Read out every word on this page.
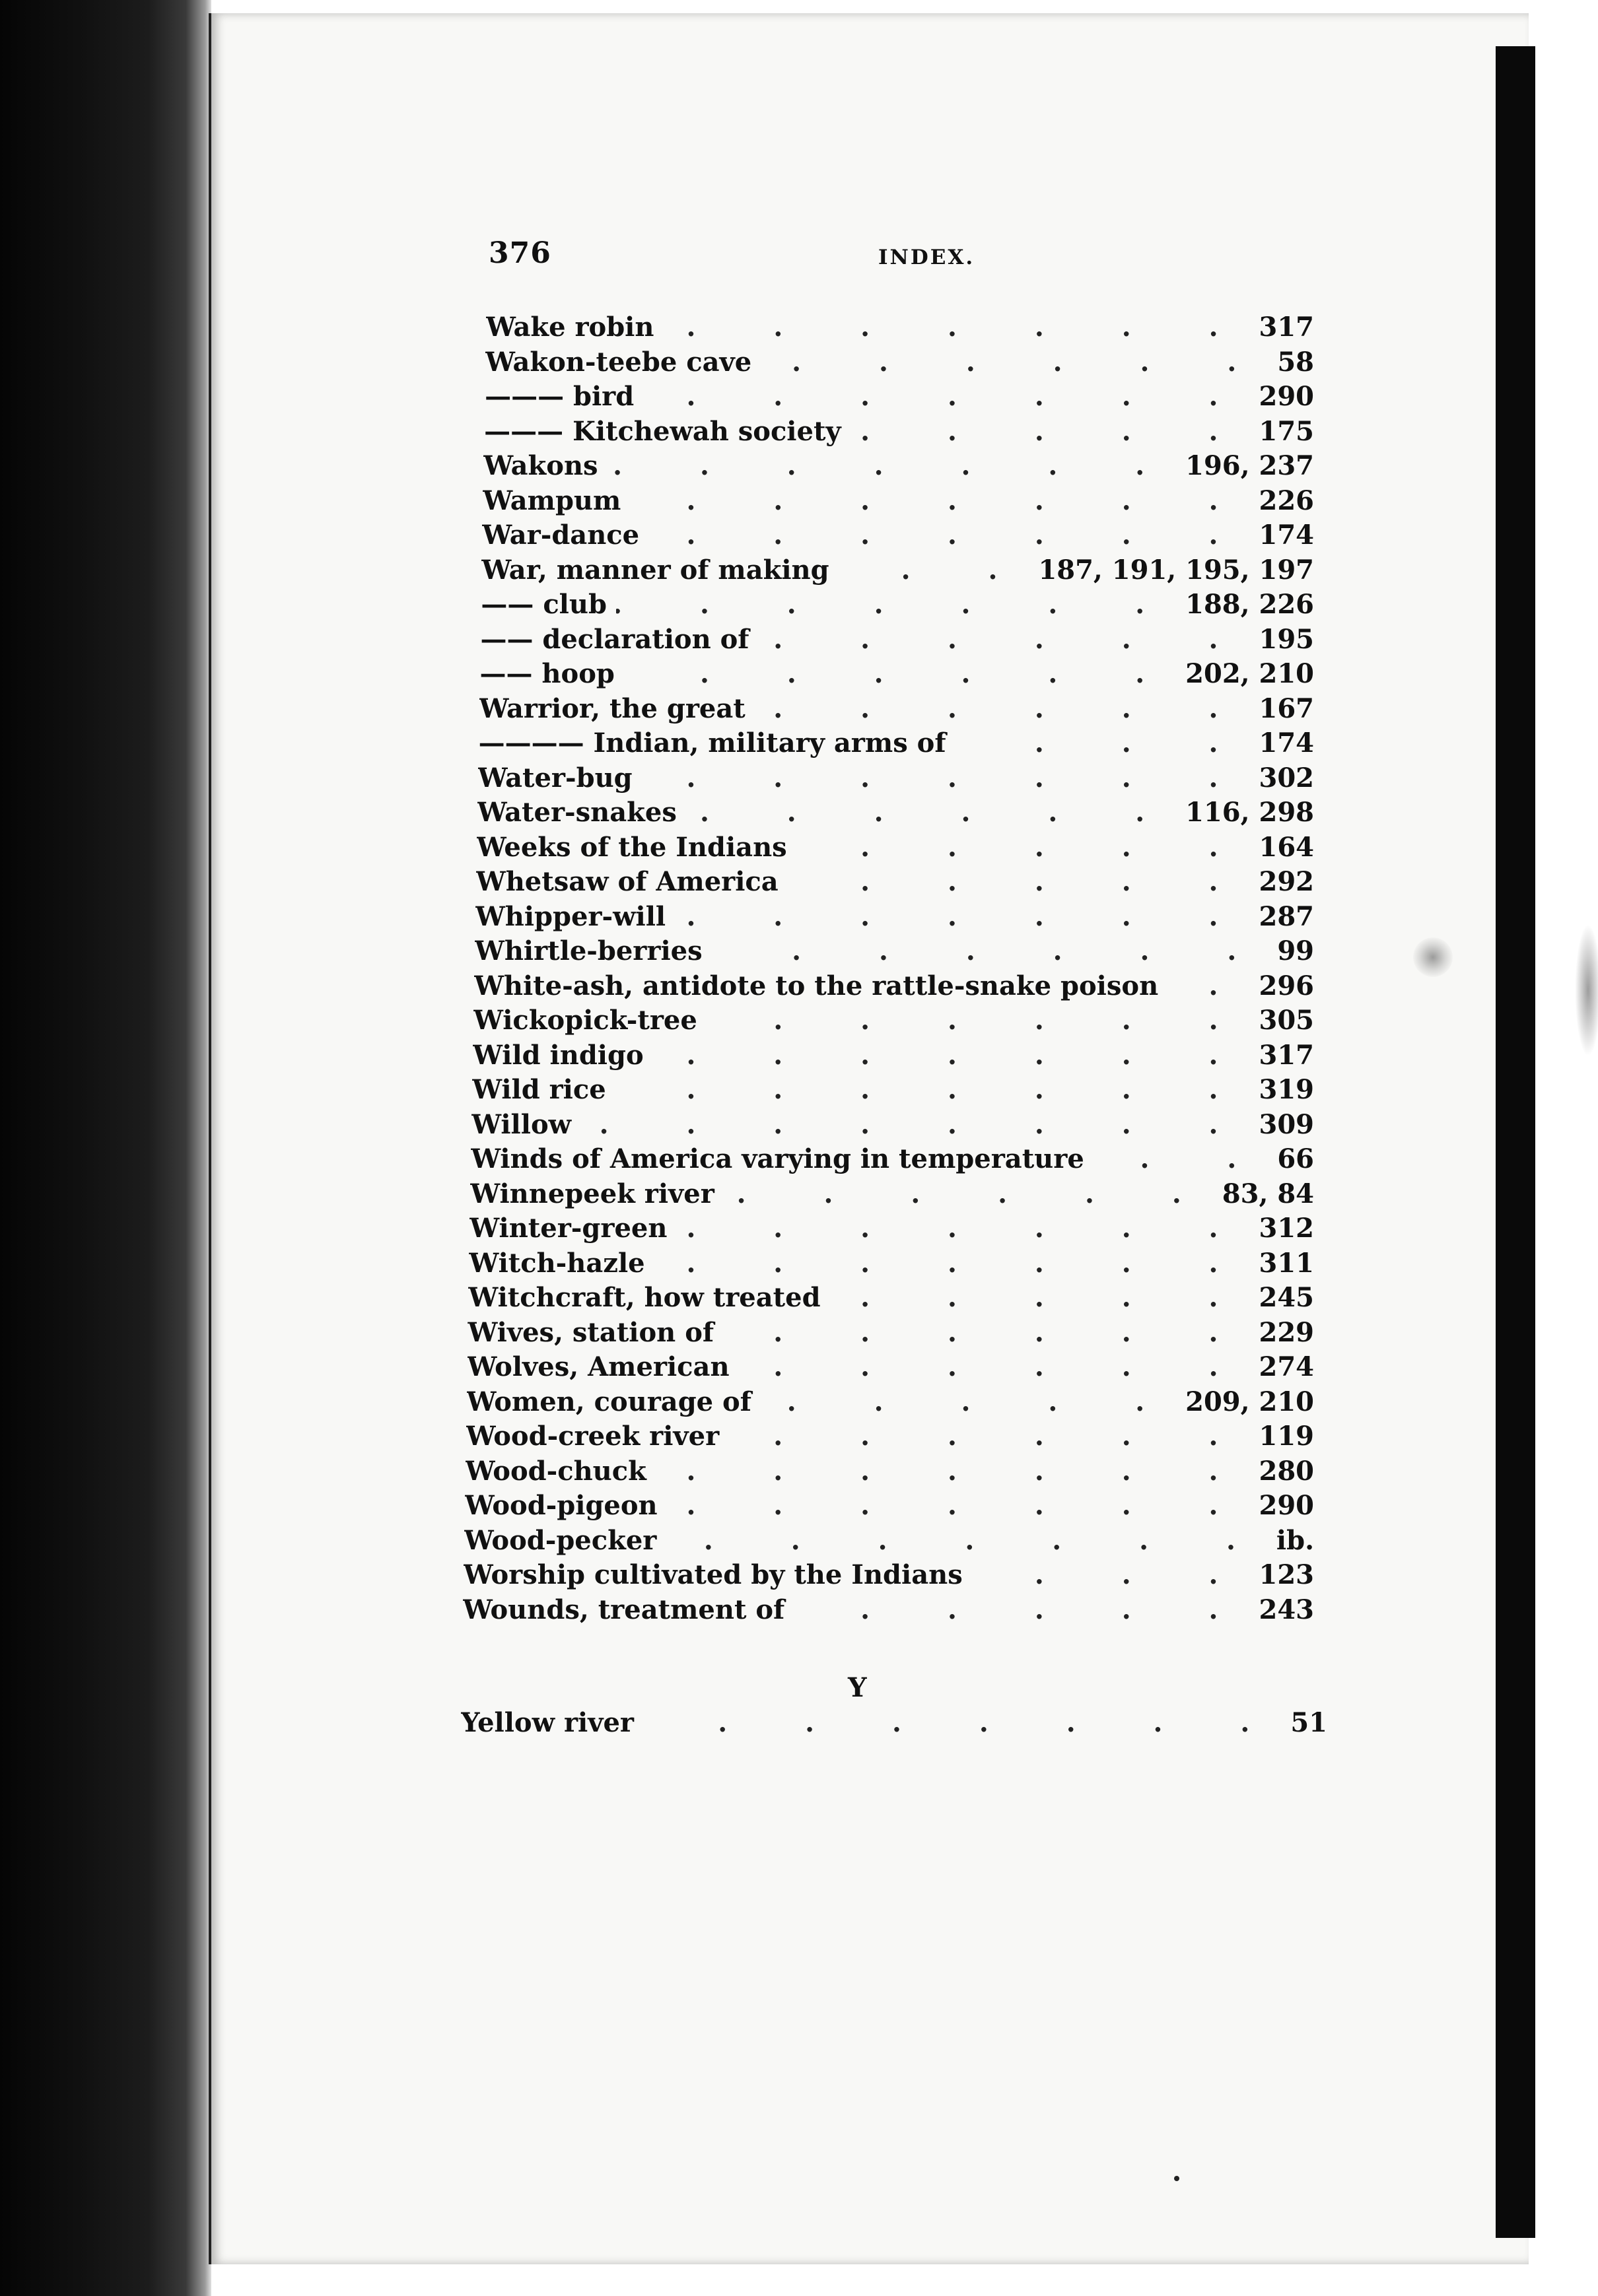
376	INDEX.
Wake robin . . .	317
Wakon-teebe cave . . .	58
——— bird . . .	290
——— Kitchewah society . . .	175
Wakons . . .	196, 237
Wampum . . .	226
War-dance . . .	174
War, manner of making . . .	187, 191, 195, 197
—— club . . .	188, 226
—— declaration of . . .	195
—— hoop . . .	202, 210
Warrior, the great . . .	167
———— Indian, military arms of . . .	174
Water-bug . . .	302
Water-snakes . . .	116, 298
Weeks of the Indians . . .	164
Whetsaw of America . . .	292
Whipper-will . . .	287
Whirtle-berries . . .	99
White-ash, antidote to the rattle-snake poison . . .	296
Wickopick-tree . . .	305
Wild indigo . . .	317
Wild rice . . .	319
Willow . . .	309
Winds of America varying in temperature . . .	66
Winnepeek river . . .	83, 84
Winter-green . . .	312
Witch-hazle . . .	311
Witchcraft, how treated . . .	245
Wives, station of . . .	229
Wolves, American . . .	274
Women, courage of . . .	209, 210
Wood-creek river . . .	119
Wood-chuck . . .	280
Wood-pigeon . . .	290
Wood-pecker . . .	ib.
Worship cultivated by the Indians . . .	123
Wounds, treatment of . . .	243
Y
Yellow river . . .	51
